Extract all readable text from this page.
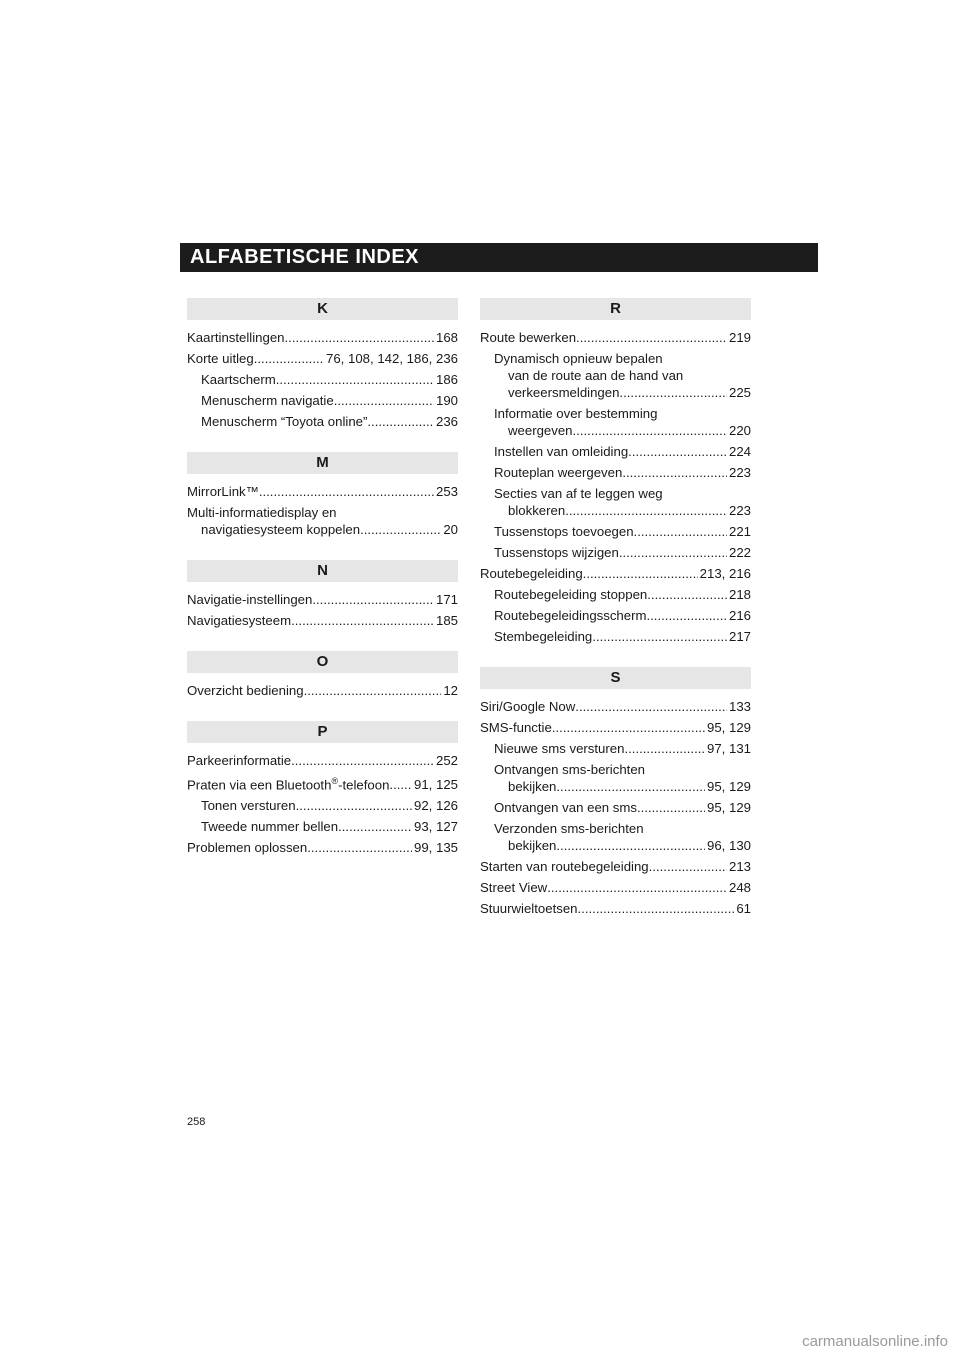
ALFABETISCHE INDEX
K
Kaartinstellingen .....	168
Korte uitleg .....	76, 108, 142, 186, 236
Kaartscherm .....	186
Menuscherm navigatie .....	190
Menuscherm “Toyota online” .....	236
M
MirrorLink™ .....	253
Multi-informatiedisplay en
navigatiesysteem koppelen .....	20
N
Navigatie-instellingen .....	171
Navigatiesysteem .....	185
O
Overzicht bediening .....	12
P
Parkeerinformatie .....	252
Praten via een Bluetooth®-telefoon ..... 91, 125
Tonen versturen .....	92, 126
Tweede nummer bellen .....	93, 127
Problemen oplossen .....	99, 135
R
Route bewerken .....	219
Dynamisch opnieuw bepalen
van de route aan de hand van
verkeersmeldingen .....	225
Informatie over bestemming
weergeven .....	220
Instellen van omleiding .....	224
Routeplan weergeven .....	223
Secties van af te leggen weg
blokkeren .....	223
Tussenstops toevoegen .....	221
Tussenstops wijzigen .....	222
Routebegeleiding .....	213, 216
Routebegeleiding stoppen .....	218
Routebegeleidingsscherm .....	216
Stembegeleiding .....	217
S
Siri/Google Now .....	133
SMS-functie .....	95, 129
Nieuwe sms versturen .....	97, 131
Ontvangen sms-berichten
bekijken .....	95, 129
Ontvangen van een sms .....	95, 129
Verzonden sms-berichten
bekijken .....	96, 130
Starten van routebegeleiding .....	213
Street View .....	248
Stuurwieltoetsen .....	61
258
carmanualsonline.info
